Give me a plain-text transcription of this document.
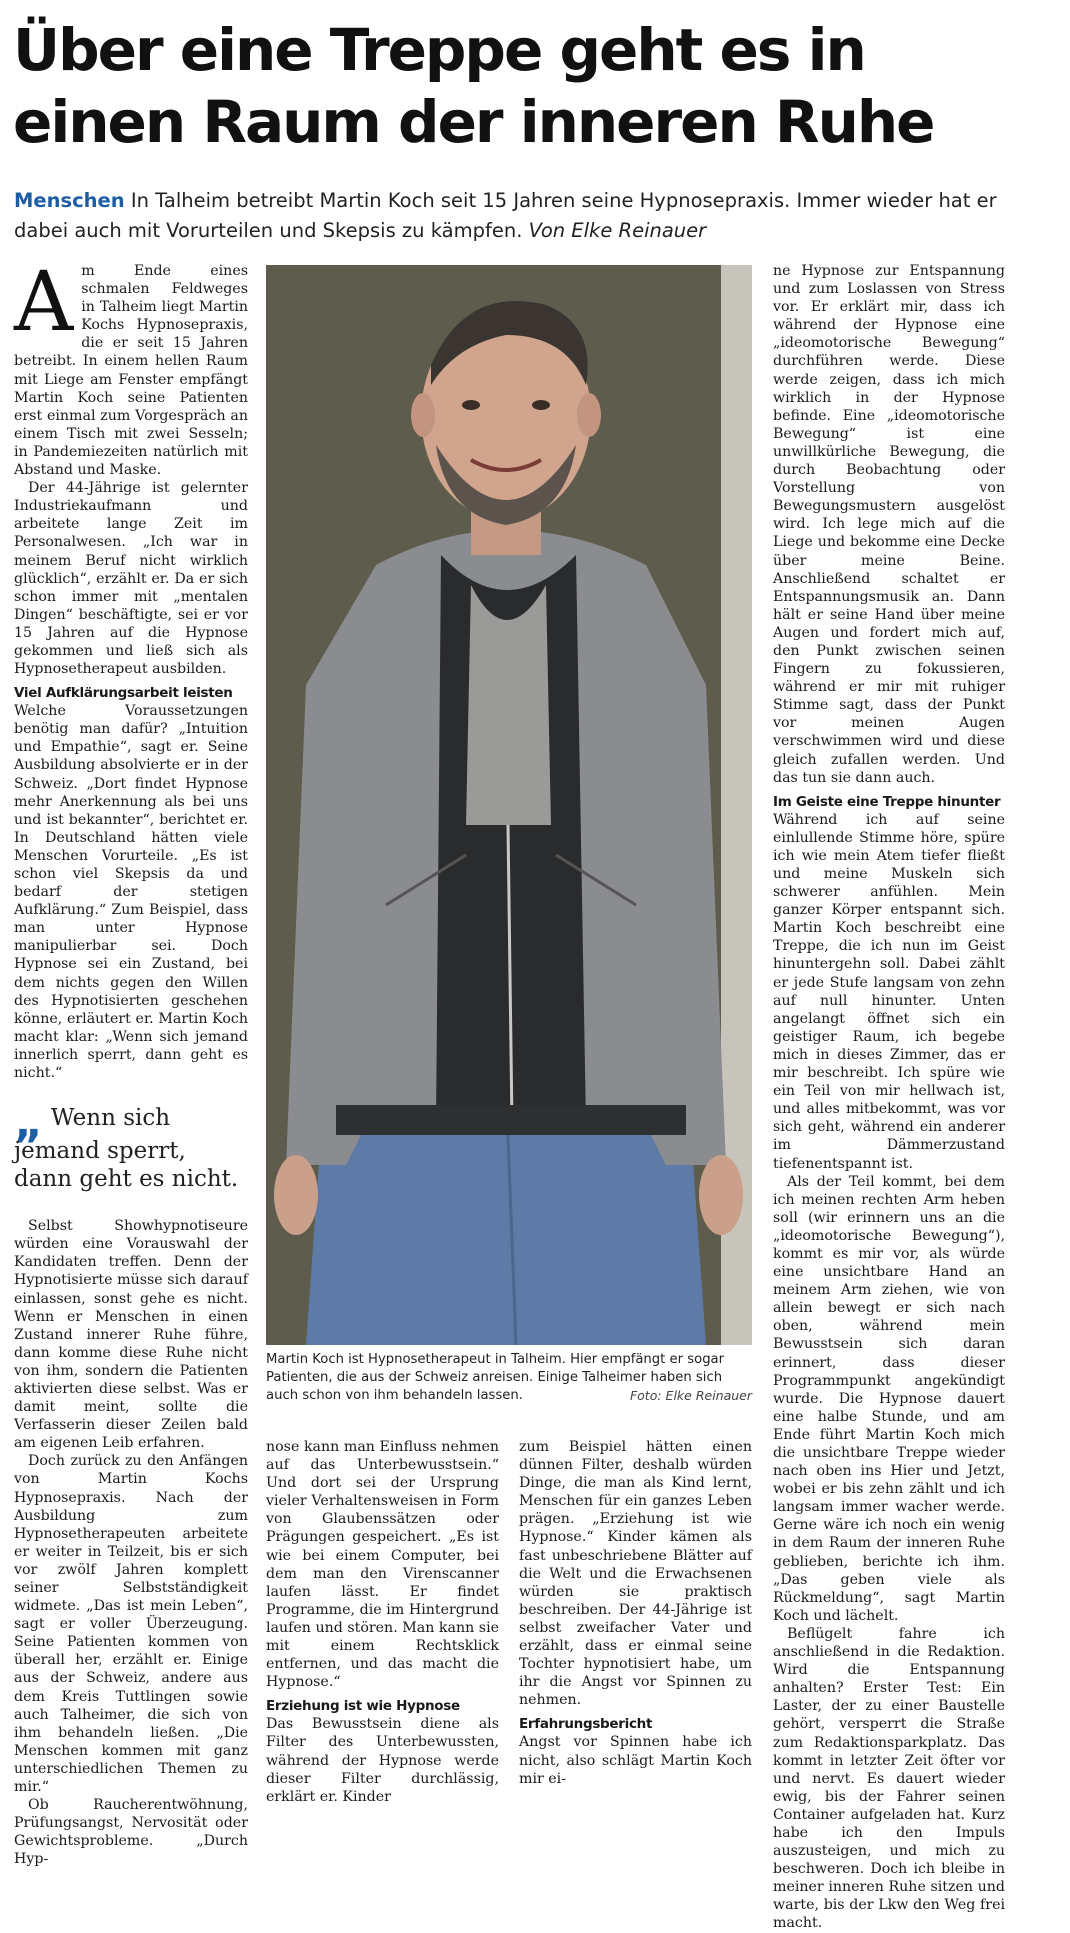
Über eine Treppe geht es in einen Raum der inneren Ruhe
Menschen In Talheim betreibt Martin Koch seit 15 Jahren seine Hypnosepraxis. Immer wieder hat er dabei auch mit Vorurteilen und Skepsis zu kämpfen. Von Elke Reinauer

Am Ende eines schmalen Feldweges in Talheim liegt Martin Kochs Hypnosepraxis, die er seit 15 Jahren betreibt. In einem hellen Raum mit Liege am Fenster empfängt Martin Koch seine Patienten erst einmal zum Vorgespräch an einem Tisch mit zwei Sesseln; in Pandemiezeiten natürlich mit Abstand und Maske.

Der 44-Jährige ist gelernter Industriekaufmann und arbeitete lange Zeit im Personalwesen. „Ich war in meinem Beruf nicht wirklich glücklich“, erzählt er. Da er sich schon immer mit „mentalen Dingen“ beschäftigte, sei er vor 15 Jahren auf die Hypnose gekommen und ließ sich als Hypnosetherapeut ausbilden.

Viel Aufklärungsarbeit leisten

Welche Voraussetzungen benötig man dafür? „Intuition und Empathie“, sagt er. Seine Ausbildung absolvierte er in der Schweiz. „Dort findet Hypnose mehr Anerkennung als bei uns und ist bekannter“, berichtet er. In Deutschland hätten viele Menschen Vorurteile. „Es ist schon viel Skepsis da und bedarf der stetigen Aufklärung.“ Zum Beispiel, dass man unter Hypnose manipulierbar sei. Doch Hypnose sei ein Zustand, bei dem nichts gegen den Willen des Hypnotisierten geschehen könne, erläutert er. Martin Koch macht klar: „Wenn sich jemand innerlich sperrt, dann geht es nicht.“

„ Wenn sich jemand sperrt, dann geht es nicht.

Selbst Showhypnotiseure würden eine Vorauswahl der Kandidaten treffen. Denn der Hypnotisierte müsse sich darauf einlassen, sonst gehe es nicht. Wenn er Menschen in einen Zustand innerer Ruhe führe, dann komme diese Ruhe nicht von ihm, sondern die Patienten aktivierten diese selbst. Was er damit meint, sollte die Verfasserin dieser Zeilen bald am eigenen Leib erfahren.

Doch zurück zu den Anfängen von Martin Kochs Hypnosepraxis. Nach der Ausbildung zum Hypnosetherapeuten arbeitete er weiter in Teilzeit, bis er sich vor zwölf Jahren komplett seiner Selbstständigkeit widmete. „Das ist mein Leben“, sagt er voller Überzeugung. Seine Patienten kommen von überall her, erzählt er. Einige aus der Schweiz, andere aus dem Kreis Tuttlingen sowie auch Talheimer, die sich von ihm behandeln ließen. „Die Menschen kommen mit ganz unterschiedlichen Themen zu mir.“

Ob Raucherentwöhnung, Prüfungsangst, Nervosität oder Gewichtsprobleme. „Durch Hyp-

Martin Koch ist Hypnosetherapeut in Talheim. Hier empfängt er sogar Patienten, die aus der Schweiz anreisen. Einige Talheimer haben sich auch schon von ihm behandeln lassen.	Foto: Elke Reinauer

nose kann man Einfluss nehmen auf das Unterbewusstsein.“ Und dort sei der Ursprung vieler Verhaltensweisen in Form von Glaubenssätzen oder Prägungen gespeichert. „Es ist wie bei einem Computer, bei dem man den Virenscanner laufen lässt. Er findet Programme, die im Hintergrund laufen und stören. Man kann sie mit einem Rechtsklick entfernen, und das macht die Hypnose.“

Erziehung ist wie Hypnose

Das Bewusstsein diene als Filter des Unterbewussten, während der Hypnose werde dieser Filter durchlässig, erklärt er. Kinder

zum Beispiel hätten einen dünnen Filter, deshalb würden Dinge, die man als Kind lernt, Menschen für ein ganzes Leben prägen. „Erziehung ist wie Hypnose.“ Kinder kämen als fast unbeschriebene Blätter auf die Welt und die Erwachsenen würden sie praktisch beschreiben. Der 44-Jährige ist selbst zweifacher Vater und erzählt, dass er einmal seine Tochter hypnotisiert habe, um ihr die Angst vor Spinnen zu nehmen.

Erfahrungsbericht

Angst vor Spinnen habe ich nicht, also schlägt Martin Koch mir ei-

ne Hypnose zur Entspannung und zum Loslassen von Stress vor. Er erklärt mir, dass ich während der Hypnose eine „ideomotorische Bewegung“ durchführen werde. Diese werde zeigen, dass ich mich wirklich in der Hypnose befinde. Eine „ideomotorische Bewegung“ ist eine unwillkürliche Bewegung, die durch Beobachtung oder Vorstellung von Bewegungsmustern ausgelöst wird. Ich lege mich auf die Liege und bekomme eine Decke über meine Beine. Anschließend schaltet er Entspannungsmusik an. Dann hält er seine Hand über meine Augen und fordert mich auf, den Punkt zwischen seinen Fingern zu fokussieren, während er mir mit ruhiger Stimme sagt, dass der Punkt vor meinen Augen verschwimmen wird und diese gleich zufallen werden. Und das tun sie dann auch.

Im Geiste eine Treppe hinunter

Während ich auf seine einlullende Stimme höre, spüre ich wie mein Atem tiefer fließt und meine Muskeln sich schwerer anfühlen. Mein ganzer Körper entspannt sich. Martin Koch beschreibt eine Treppe, die ich nun im Geist hinuntergehn soll. Dabei zählt er jede Stufe langsam von zehn auf null hinunter. Unten angelangt öffnet sich ein geistiger Raum, ich begebe mich in dieses Zimmer, das er mir beschreibt. Ich spüre wie ein Teil von mir hellwach ist, und alles mitbekommt, was vor sich geht, während ein anderer im Dämmerzustand tiefenentspannt ist.

Als der Teil kommt, bei dem ich meinen rechten Arm heben soll (wir erinnern uns an die „ideomotorische Bewegung“), kommt es mir vor, als würde eine unsichtbare Hand an meinem Arm ziehen, wie von allein bewegt er sich nach oben, während mein Bewusstsein sich daran erinnert, dass dieser Programmpunkt angekündigt wurde. Die Hypnose dauert eine halbe Stunde, und am Ende führt Martin Koch mich die unsichtbare Treppe wieder nach oben ins Hier und Jetzt, wobei er bis zehn zählt und ich langsam immer wacher werde. Gerne wäre ich noch ein wenig in dem Raum der inneren Ruhe geblieben, berichte ich ihm. „Das geben viele als Rückmeldung“, sagt Martin Koch und lächelt.

Beflügelt fahre ich anschließend in die Redaktion. Wird die Entspannung anhalten? Erster Test: Ein Laster, der zu einer Baustelle gehört, versperrt die Straße zum Redaktionsparkplatz. Das kommt in letzter Zeit öfter vor und nervt. Es dauert wieder ewig, bis der Fahrer seinen Container aufgeladen hat. Kurz habe ich den Impuls auszusteigen, und mich zu beschweren. Doch ich bleibe in meiner inneren Ruhe sitzen und warte, bis der Lkw den Weg frei macht.
